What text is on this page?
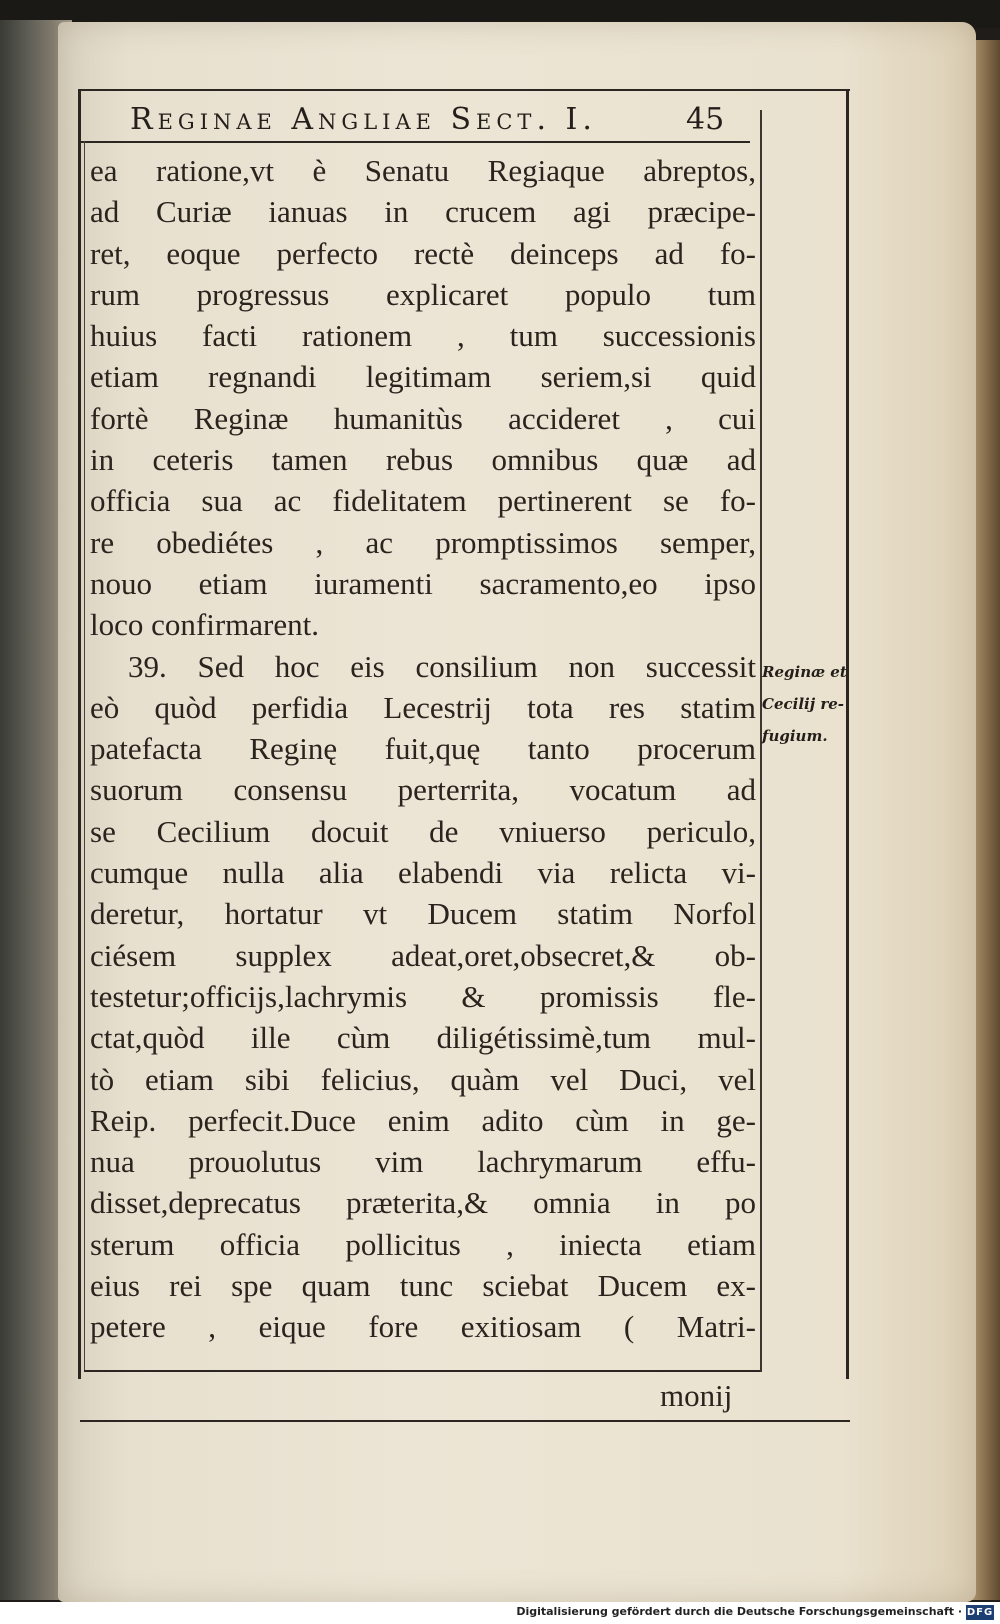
Reginae Angliae Sect. I.	45
ea ratione,vt è Senatu Regiaque abreptos,
ad Curiæ ianuas in crucem agi præcipe-
ret, eoque perfecto rectè deinceps ad fo-
rum progressus explicaret populo tum
huius facti rationem , tum successionis
etiam regnandi legitimam seriem,si quid
fortè Reginæ humanitùs accideret , cui
in ceteris tamen rebus omnibus quæ ad
officia sua ac fidelitatem pertinerent se fo-
re obediétes , ac promptissimos semper,
nouo etiam iuramenti sacramento,eo ipso
loco confirmarent.
39. Sed hoc eis consilium non successit
eò quòd perfidia Lecestrij tota res statim
patefacta Reginę fuit,quę tanto procerum
suorum consensu perterrita, vocatum ad
se Cecilium docuit de vniuerso periculo,
cumque nulla alia elabendi via relicta vi-
deretur, hortatur vt Ducem statim Norfol
ciésem supplex adeat,oret,obsecret,& ob-
testetur;officijs,lachrymis & promissis fle-
ctat,quòd ille cùm diligétissimè,tum mul-
tò etiam sibi felicius, quàm vel Duci, vel
Reip. perfecit.Duce enim adito cùm in ge-
nua prouolutus vim lachrymarum effu-
disset,deprecatus præterita,& omnia in po
sterum officia pollicitus , iniecta etiam
eius rei spe quam tunc sciebat Ducem ex-
petere , eique fore exitiosam ( Matri-
Reginæ et
Cecilij re-
fugium.
monij
Digitalisierung gefördert durch die Deutsche Forschungsgemeinschaft · DFG
